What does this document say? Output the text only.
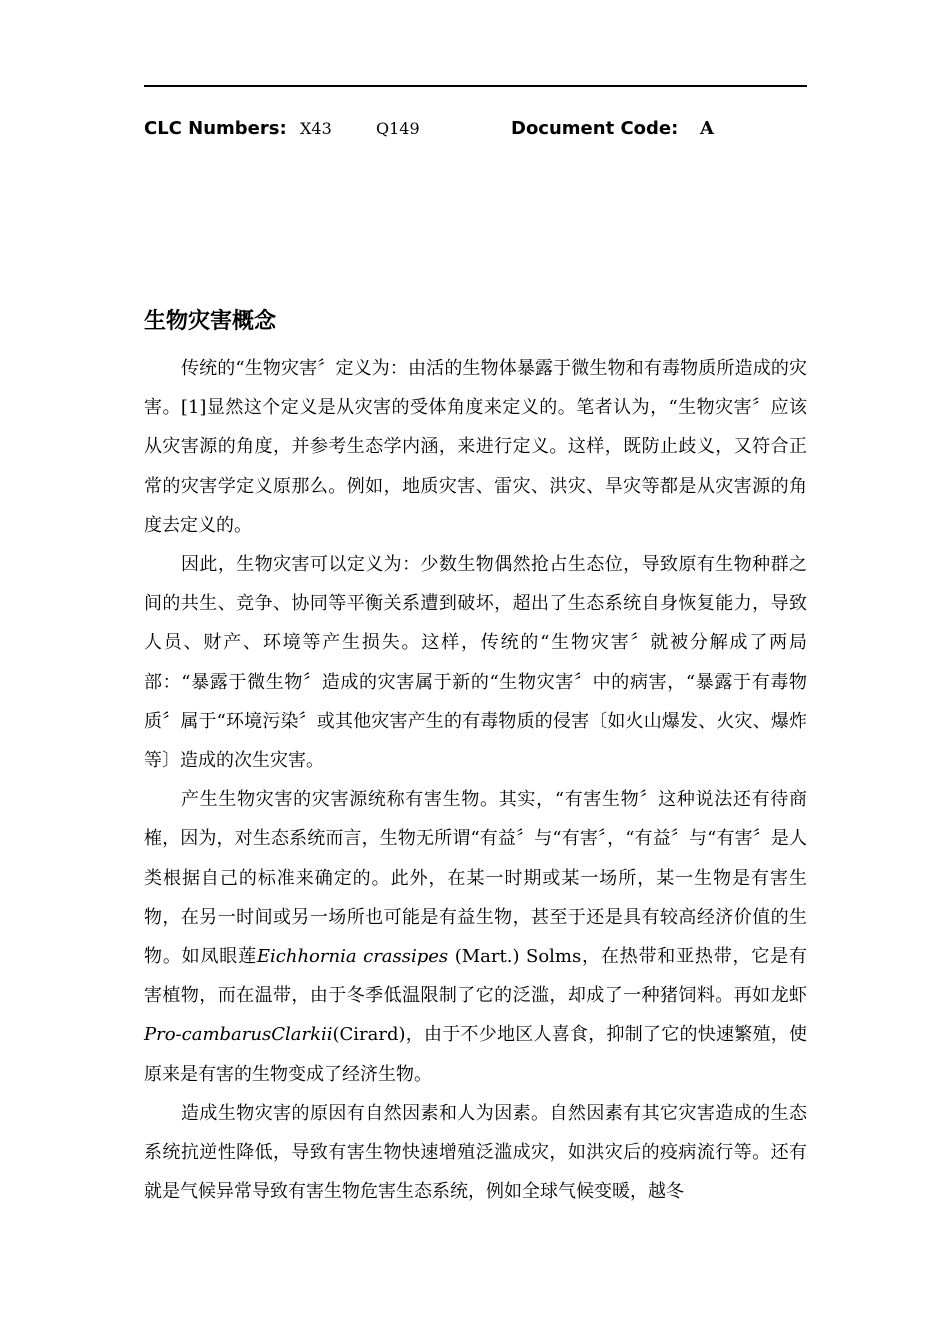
CLC Numbers: X43	Q149	Document Code: A
生物灾害概念

传统的“生物灾害〞定义为：由活的生物体暴露于微生物和有毒物质所造成的灾害。[1]显然这个定义是从灾害的受体角度来定义的。笔者认为，“生物灾害〞应该从灾害源的角度，并参考生态学内涵，来进行定义。这样，既防止歧义，又符合正常的灾害学定义原那么。例如，地质灾害、雷灾、洪灾、旱灾等都是从灾害源的角度去定义的。

因此，生物灾害可以定义为：少数生物偶然抢占生态位，导致原有生物种群之间的共生、竞争、协同等平衡关系遭到破坏，超出了生态系统自身恢复能力，导致人员、财产、环境等产生损失。这样，传统的“生物灾害〞就被分解成了两局部：“暴露于微生物〞造成的灾害属于新的“生物灾害〞中的病害，“暴露于有毒物质〞属于“环境污染〞或其他灾害产生的有毒物质的侵害〔如火山爆发、火灾、爆炸等〕造成的次生灾害。

产生生物灾害的灾害源统称有害生物。其实，“有害生物〞这种说法还有待商榷，因为，对生态系统而言，生物无所谓“有益〞与“有害〞，“有益〞与“有害〞是人类根据自己的标准来确定的。此外，在某一时期或某一场所，某一生物是有害生物，在另一时间或另一场所也可能是有益生物，甚至于还是具有较高经济价值的生物。如凤眼莲Eichhornia crassipes (Mart.) Solms，在热带和亚热带，它是有害植物，而在温带，由于冬季低温限制了它的泛滥，却成了一种猪饲料。再如龙虾Pro-cambarusClarkii(Cirard)，由于不少地区人喜食，抑制了它的快速繁殖，使原来是有害的生物变成了经济生物。

造成生物灾害的原因有自然因素和人为因素。自然因素有其它灾害造成的生态系统抗逆性降低，导致有害生物快速增殖泛滥成灾，如洪灾后的疫病流行等。还有就是气候异常导致有害生物危害生态系统，例如全球气候变暖，越冬
